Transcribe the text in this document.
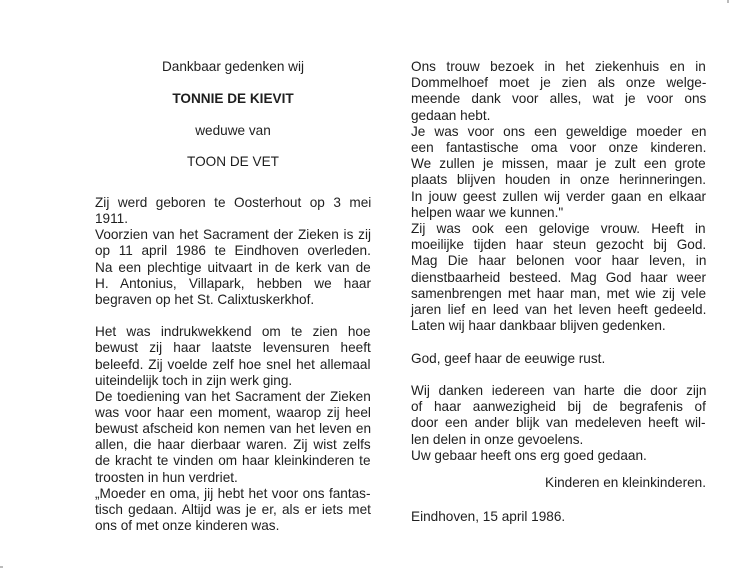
Dankbaar gedenken wij
TONNIE DE KIEVIT
weduwe van
TOON DE VET
Zij werd geboren te Oosterhout op 3 mei
1911.
Voorzien van het Sacrament der Zieken is zij
op 11 april 1986 te Eindhoven overleden.
Na een plechtige uitvaart in de kerk van de
H. Antonius, Villapark, hebben we haar
begraven op het St. Calixtuskerkhof.
Het was indrukwekkend om te zien hoe
bewust zij haar laatste levensuren heeft
beleefd. Zij voelde zelf hoe snel het allemaal
uiteindelijk toch in zijn werk ging.
De toediening van het Sacrament der Zieken
was voor haar een moment, waarop zij heel
bewust afscheid kon nemen van het leven en
allen, die haar dierbaar waren. Zij wist zelfs
de kracht te vinden om haar kleinkinderen te
troosten in hun verdriet.
„Moeder en oma, jij hebt het voor ons fantas-
tisch gedaan. Altijd was je er, als er iets met
ons of met onze kinderen was.
Ons trouw bezoek in het ziekenhuis en in
Dommelhoef moet je zien als onze welge-
meende dank voor alles, wat je voor ons
gedaan hebt.
Je was voor ons een geweldige moeder en
een fantastische oma voor onze kinderen.
We zullen je missen, maar je zult een grote
plaats blijven houden in onze herinneringen.
In jouw geest zullen wij verder gaan en elkaar
helpen waar we kunnen."
Zij was ook een gelovige vrouw. Heeft in
moeilijke tijden haar steun gezocht bij God.
Mag Die haar belonen voor haar leven, in
dienstbaarheid besteed. Mag God haar weer
samenbrengen met haar man, met wie zij vele
jaren lief en leed van het leven heeft gedeeld.
Laten wij haar dankbaar blijven gedenken.
God, geef haar de eeuwige rust.
Wij danken iedereen van harte die door zijn
of haar aanwezigheid bij de begrafenis of
door een ander blijk van medeleven heeft wil-
len delen in onze gevoelens.
Uw gebaar heeft ons erg goed gedaan.
Kinderen en kleinkinderen.
Eindhoven, 15 april 1986.
